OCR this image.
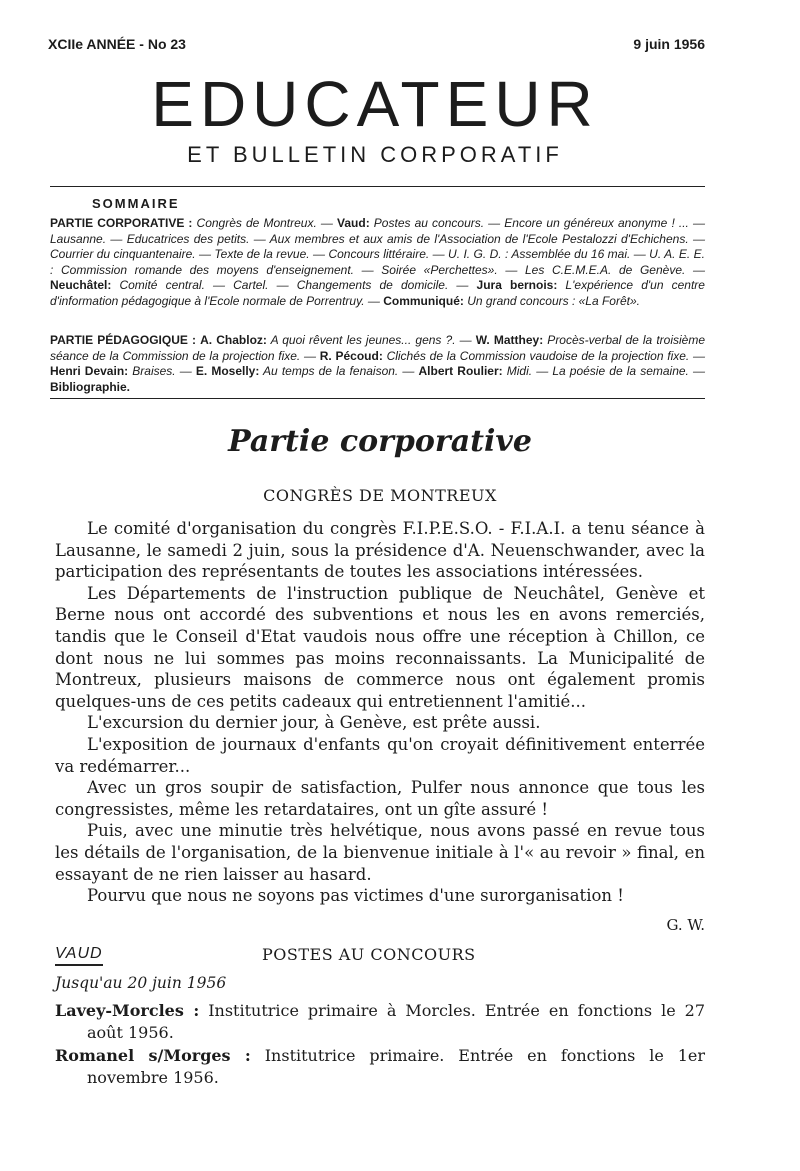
XCIIe ANNÉE - No 23	9 juin 1956
EDUCATEUR
ET BULLETIN CORPORATIF
SOMMAIRE
PARTIE CORPORATIVE : Congrès de Montreux. — Vaud: Postes au concours. — Encore un généreux anonyme ! ... — Lausanne. — Educatrices des petits. — Aux membres et aux amis de l'Association de l'Ecole Pestalozzi d'Echichens. — Courrier du cinquantenaire. — Texte de la revue. — Concours littéraire. — U. I. G. D. : Assemblée du 16 mai. — U. A. E. E. : Commission romande des moyens d'enseignement. — Soirée «Perchettes». — Les C.E.M.E.A. de Genève. — Neuchâtel: Comité central. — Cartel. — Changements de domicile. — Jura bernois: L'expérience d'un centre d'information pédagogique à l'Ecole normale de Porrentruy. — Communiqué: Un grand concours : «La Forêt».
PARTIE PÉDAGOGIQUE : A. Chabloz: A quoi rêvent les jeunes... gens ?. — W. Matthey: Procès-verbal de la troisième séance de la Commission de la projection fixe. — R. Pécoud: Clichés de la Commission vaudoise de la projection fixe. — Henri Devain: Braises. — E. Moselly: Au temps de la fenaison. — Albert Roulier: Midi. — La poésie de la semaine. — Bibliographie.
Partie corporative
CONGRÈS DE MONTREUX

Le comité d'organisation du congrès F.I.P.E.S.O. - F.I.A.I. a tenu séance à Lausanne, le samedi 2 juin, sous la présidence d'A. Neuenschwander, avec la participation des représentants de toutes les associations intéressées.

Les Départements de l'instruction publique de Neuchâtel, Genève et Berne nous ont accordé des subventions et nous les en avons remerciés, tandis que le Conseil d'Etat vaudois nous offre une réception à Chillon, ce dont nous ne lui sommes pas moins reconnaissants. La Municipalité de Montreux, plusieurs maisons de commerce nous ont également promis quelques-uns de ces petits cadeaux qui entretiennent l'amitié...

L'excursion du dernier jour, à Genève, est prête aussi.

L'exposition de journaux d'enfants qu'on croyait définitivement enterrée va redémarrer...

Avec un gros soupir de satisfaction, Pulfer nous annonce que tous les congressistes, même les retardataires, ont un gîte assuré !

Puis, avec une minutie très helvétique, nous avons passé en revue tous les détails de l'organisation, de la bienvenue initiale à l'« au revoir » final, en essayant de ne rien laisser au hasard.

Pourvu que nous ne soyons pas victimes d'une surorganisation !

G. W.
VAUD	POSTES AU CONCOURS
Jusqu'au 20 juin 1956

Lavey-Morcles : Institutrice primaire à Morcles. Entrée en fonctions le 27 août 1956.

Romanel s/Morges : Institutrice primaire. Entrée en fonctions le 1er novembre 1956.
